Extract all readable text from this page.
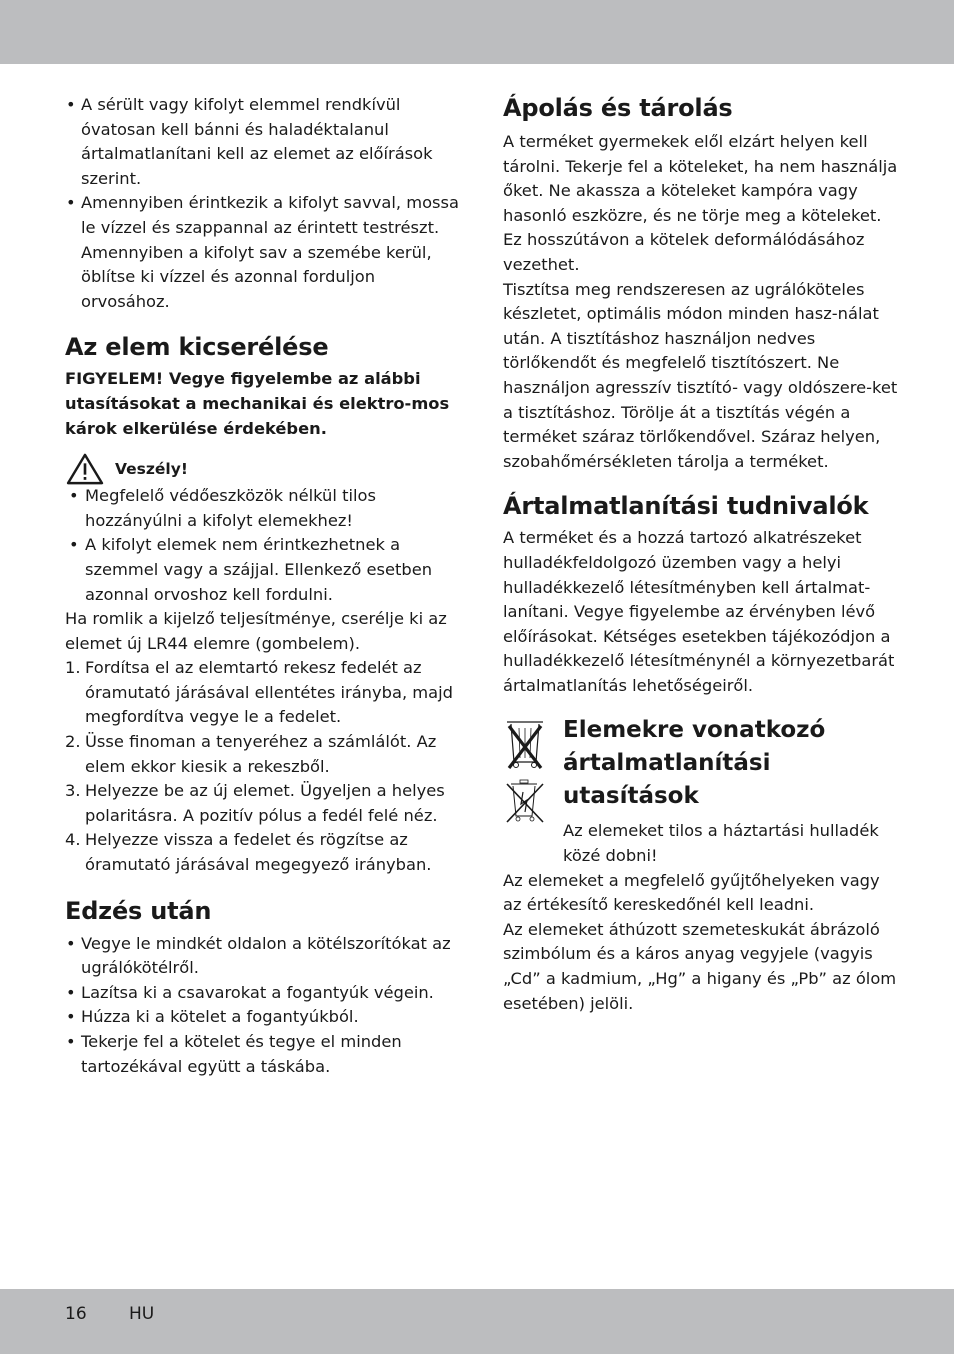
• A sérült vagy kifolyt elemmel rendkívül óvatosan kell bánni és haladéktalanul ártalmatlanítani kell az elemet az előírások szerint.
• Amennyiben érintkezik a kifolyt savval, mossa le vízzel és szappannal az érintett testrészt. Amennyiben a kifolyt sav a szemébe kerül, öblítse ki vízzel és azonnal forduljon orvosához.
Az elem kicserélése

FIGYELEM! Vegye figyelembe az alábbi utasításokat a mechanikai és elektro-mos károk elkerülése érdekében.

Veszély!
• Megfelelő védőeszközök nélkül tilos hozzányúlni a kifolyt elemekhez!
• A kifolyt elemek nem érintkezhetnek a szemmel vagy a szájjal. Ellenkező esetben azonnal orvoshoz kell fordulni.

Ha romlik a kijelző teljesítménye, cserélje ki az elemet új LR44 elemre (gombelem).

1. Fordítsa el az elemtartó rekesz fedelét az óramutató járásával ellentétes irányba, majd megfordítva vegye le a fedelet.
2. Üsse finoman a tenyeréhez a számlálót. Az elem ekkor kiesik a rekeszből.
3. Helyezze be az új elemet. Ügyeljen a helyes polaritásra. A pozitív pólus a fedél felé néz.
4. Helyezze vissza a fedelet és rögzítse az óramutató járásával megegyező irányban.
Edzés után
• Vegye le mindkét oldalon a kötélszorítókat az ugrálókötélről.
• Lazítsa ki a csavarokat a fogantyúk végein.
• Húzza ki a kötelet a fogantyúkból.
• Tekerje fel a kötelet és tegye el minden tartozékával együtt a táskába.
Ápolás és tárolás

A terméket gyermekek elől elzárt helyen kell tárolni. Tekerje fel a köteleket, ha nem használja őket. Ne akassza a köteleket kampóra vagy hasonló eszközre, és ne törje meg a köteleket. Ez hosszútávon a kötelek deformálódásához vezethet.

Tisztítsa meg rendszeresen az ugrálóköteles készletet, optimális módon minden hasz-nálat után. A tisztításhoz használjon nedves törlőkendőt és megfelelő tisztítószert. Ne használjon agresszív tisztító- vagy oldószere-ket a tisztításhoz. Törölje át a tisztítás végén a terméket száraz törlőkendővel. Száraz helyen, szobahőmérsékleten tárolja a terméket.

Ártalmatlanítási tudnivalók

A terméket és a hozzá tartozó alkatrészeket hulladékfeldolgozó üzemben vagy a helyi hulladékkezelő létesítményben kell ártalmat-lanítani. Vegye figyelembe az érvényben lévő előírásokat. Kétséges esetekben tájékozódjon a hulladékkezelő létesítménynél a környezetbarát ártalmatlanítás lehetőségeiről.

Elemekre vonatkozó ártalmatlanítási utasítások

Az elemeket tilos a háztartási hulladék közé dobni!

Az elemeket a megfelelő gyűjtőhelyeken vagy az értékesítő kereskedőnél kell leadni.

Az elemeket áthúzott szemeteskukát ábrázoló szimbólum és a káros anyag vegyjele (vagyis „Cd” a kadmium, „Hg” a higany és „Pb” az ólom esetében) jelöli.

16 HU
